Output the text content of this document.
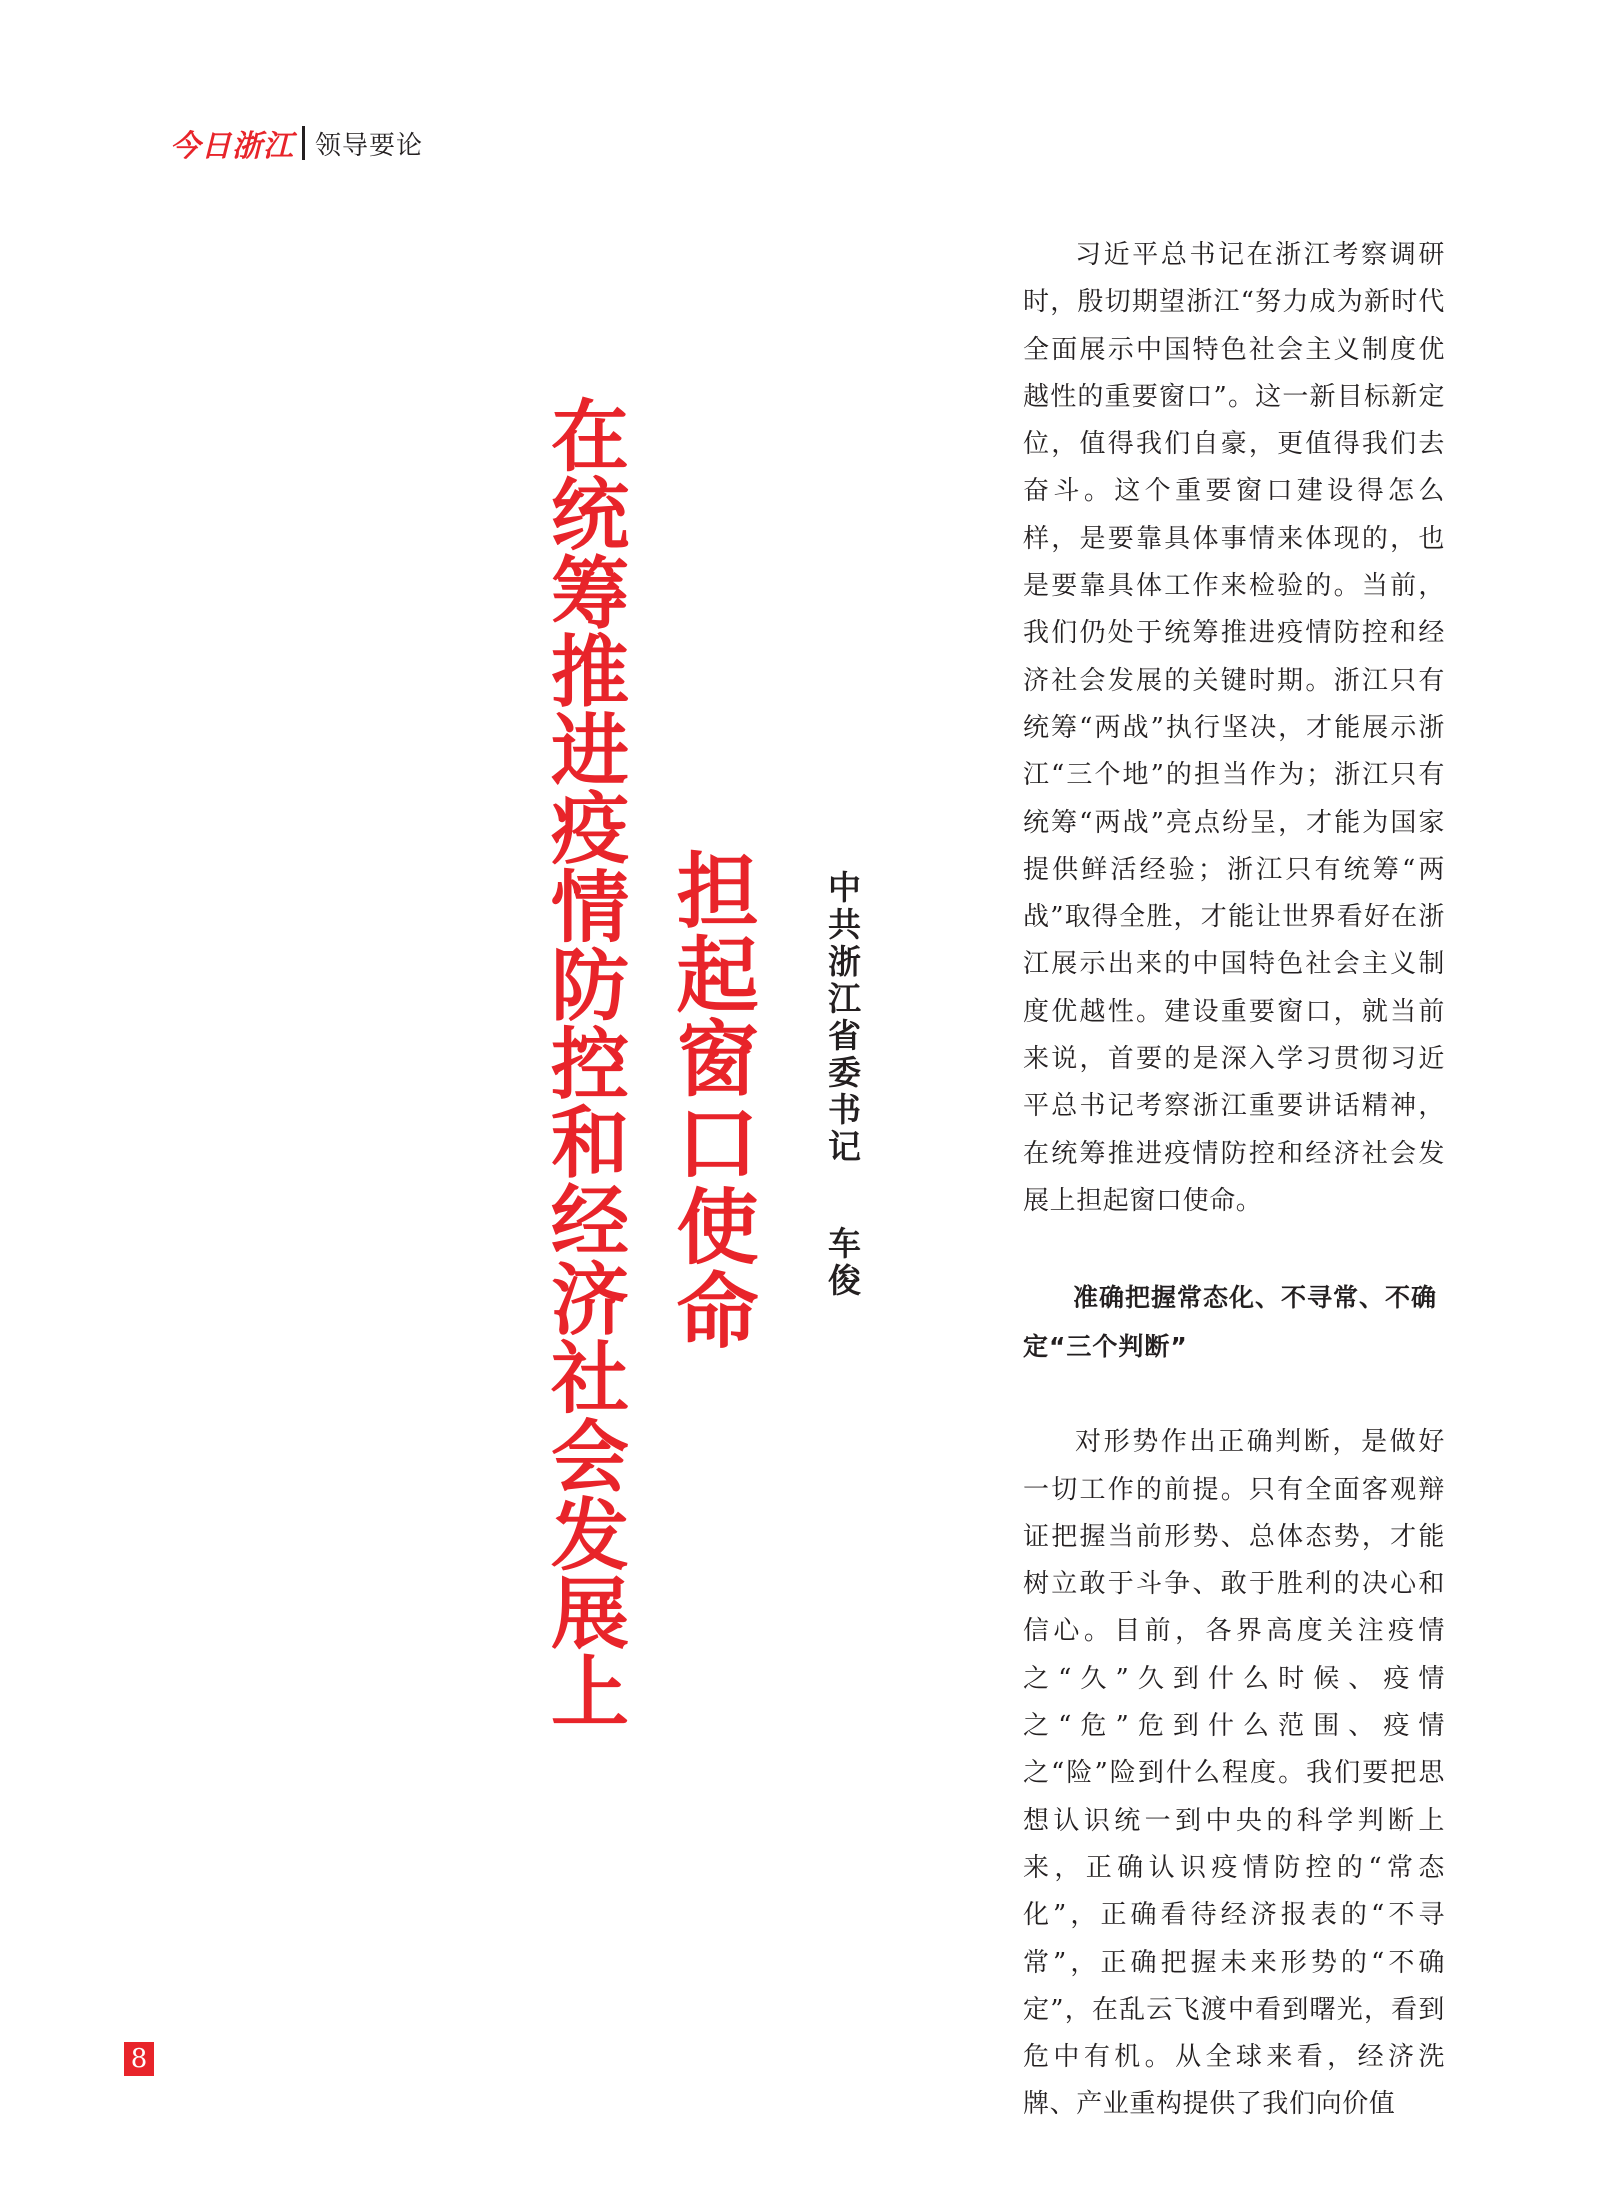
今日浙江 领导要论
在统筹推进疫情防控和经济社会发展上 担起窗口使命 中共浙江省委书记车俊

习近平总书记在浙江考察调研时，殷切期望浙江“努力成为新时代全面展示中国特色社会主义制度优越性的重要窗口”。这一新目标新定位，值得我们自豪，更值得我们去奋斗。这个重要窗口建设得怎么样，是要靠具体事情来体现的，也是要靠具体工作来检验的。当前，我们仍处于统筹推进疫情防控和经济社会发展的关键时期。浙江只有统筹“两战”执行坚决，才能展示浙江“三个地”的担当作为；浙江只有统筹“两战”亮点纷呈，才能为国家提供鲜活经验；浙江只有统筹“两战”取得全胜，才能让世界看好在浙江展示出来的中国特色社会主义制度优越性。建设重要窗口，就当前来说，首要的是深入学习贯彻习近平总书记考察浙江重要讲话精神，在统筹推进疫情防控和经济社会发展上担起窗口使命。

准确把握常态化、不寻常、不确定“三个判断”

对形势作出正确判断，是做好一切工作的前提。只有全面客观辩证把握当前形势、总体态势，才能树立敢于斗争、敢于胜利的决心和信心。目前，各界高度关注疫情之“久”久到什么时候、疫情之“危”危到什么范围、疫情之“险”险到什么程度。我们要把思想认识统一到中央的科学判断上来，正确认识疫情防控的“常态化”，正确看待经济报表的“不寻常”，正确把握未来形势的“不确定”，在乱云飞渡中看到曙光，看到危中有机。从全球来看，经济洗牌、产业重构提供了我们向价值

8
